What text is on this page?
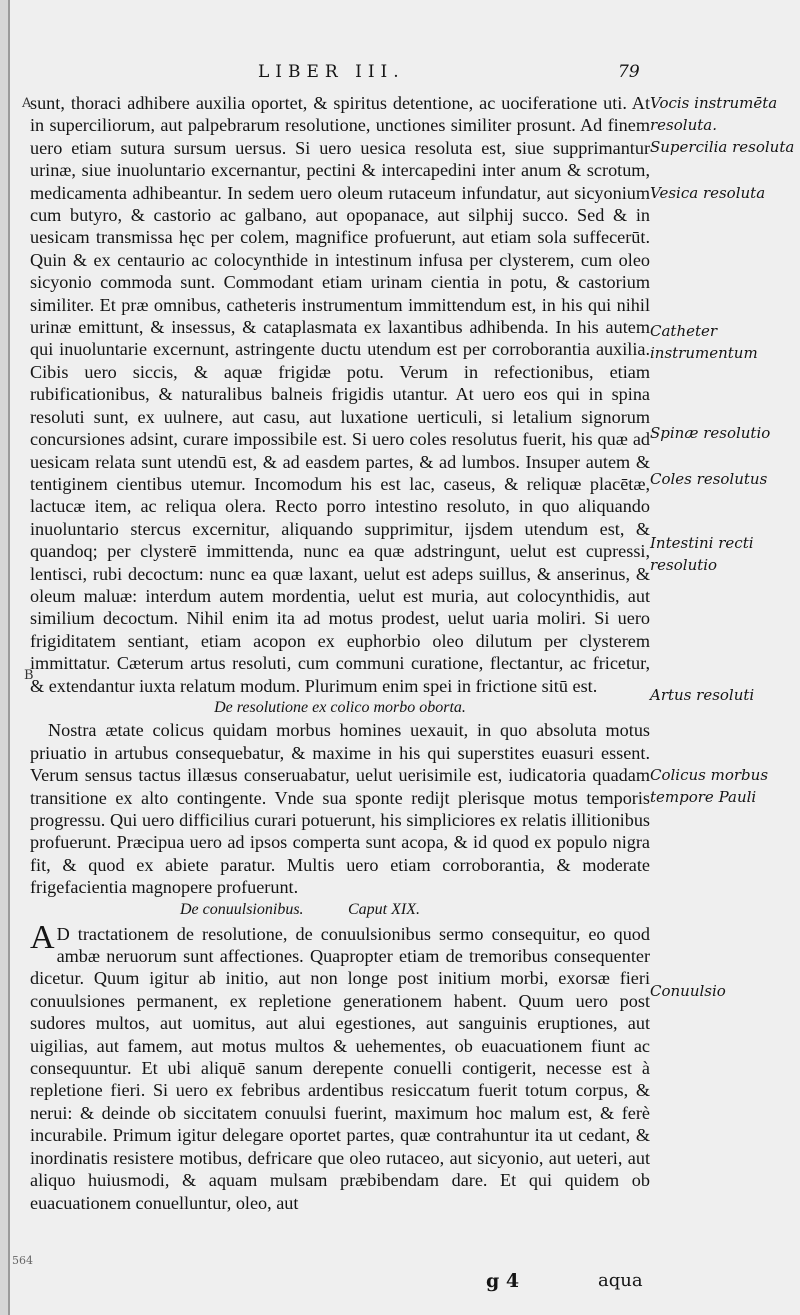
LIBER III.	79
A
B
564

sunt, thoraci adhibere auxilia oportet, & spiritus detentione, ac uociferatione uti. At in superciliorum, aut palpebrarum resolutione, unctiones similiter prosunt. Ad finem uero etiam sutura sursum uersus. Si uero uesica resoluta est, siue supprimantur urinæ, siue inuoluntario excernantur, pectini & intercapedini inter anum & scrotum, medicamenta adhibeantur. In sedem uero oleum rutaceum infundatur, aut sicyonium cum butyro, & castorio ac galbano, aut opopanace, aut silphij succo. Sed & in uesicam transmissa hęc per colem, magnifice profuerunt, aut etiam sola suffecerūt. Quin & ex centaurio ac colocynthide in intestinum infusa per clysterem, cum oleo sicyonio commoda sunt. Commodant etiam urinam cientia in potu, & castorium similiter. Et præ omnibus, catheteris instrumentum immittendum est, in his qui nihil urinæ emittunt, & insessus, & cataplasmata ex laxantibus adhibenda. In his autem qui inuoluntarie excernunt, astringente ductu utendum est per corroborantia auxilia. Cibis uero siccis, & aquæ frigidæ potu. Verum in refectionibus, etiam rubificationibus, & naturalibus balneis frigidis utantur. At uero eos qui in spina resoluti sunt, ex uulnere, aut casu, aut luxatione uerticuli, si letalium signorum concursiones adsint, curare impossibile est. Si uero coles resolutus fuerit, his quæ ad uesicam relata sunt utendū est, & ad easdem partes, & ad lumbos. Insuper autem & tentiginem cientibus utemur. Incomodum his est lac, caseus, & reliquæ placētæ, lactucæ item, ac reliqua olera. Recto porro intestino resoluto, in quo aliquando inuoluntario stercus excernitur, aliquando supprimitur, ijsdem utendum est, & quandoq; per clysterē immittenda, nunc ea quæ adstringunt, uelut est cupressi, lentisci, rubi decoctum: nunc ea quæ laxant, uelut est adeps suillus, & anserinus, & oleum maluæ: interdum autem mordentia, uelut est muria, aut colocynthidis, aut similium decoctum. Nihil enim ita ad motus prodest, uelut uaria moliri. Si uero frigiditatem sentiant, etiam acopon ex euphorbio oleo dilutum per clysterem immittatur. Cæterum artus resoluti, cum communi curatione, flectantur, ac fricetur, & extendantur iuxta relatum modum. Plurimum enim spei in frictione sitū est.

De resolutione ex colico morbo oborta.

Nostra ætate colicus quidam morbus homines uexauit, in quo absoluta motus priuatio in artubus consequebatur, & maxime in his qui superstites euasuri essent. Verum sensus tactus illæsus conseruabatur, uelut uerisimile est, iudicatoria quadam transitione ex alto contingente. Vnde sua sponte redijt plerisque motus temporis progressu. Qui uero difficilius curari potuerunt, his simpliciores ex relatis illitionibus profuerunt. Præcipua uero ad ipsos comperta sunt acopa, & id quod ex populo nigra fit, & quod ex abiete paratur. Multis uero etiam corroborantia, & moderate frigefacientia magnopere profuerunt.

De conuulsionibus.	Caput XIX.

A D tractationem de resolutione, de conuulsionibus sermo consequitur, eo quod ambæ neruorum sunt affectiones. Quapropter etiam de tremoribus consequenter dicetur. Quum igitur ab initio, aut non longe post initium morbi, exorsæ fieri conuulsiones permanent, ex repletione generationem habent. Quum uero post sudores multos, aut uomitus, aut alui egestiones, aut sanguinis eruptiones, aut uigilias, aut famem, aut motus multos & uehementes, ob euacuationem fiunt ac consequuntur. Et ubi aliquē sanum derepente conuelli contigerit, necesse est à repletione fieri. Si uero ex febribus ardentibus resiccatum fuerit totum corpus, & nerui: & deinde ob siccitatem conuulsi fuerint, maximum hoc malum est, & ferè incurabile. Primum igitur delegare oportet partes, quæ contrahuntur ita ut cedant, & inordinatis resistere motibus, defricare que oleo rutaceo, aut sicyonio, aut ueteri, aut aliquo huiusmodi, & aquam mulsam præbibendam dare. Et qui quidem ob euacuationem conuelluntur, oleo, aut

Vocis instrumēta resoluta.
Supercilia resoluta
Vesica resoluta
Catheter instrumentum
Spinæ resolutio
Coles resolutus
Intestini recti resolutio
Artus resoluti
Colicus morbus tempore Pauli
Conuulsio
g 4	aqua
